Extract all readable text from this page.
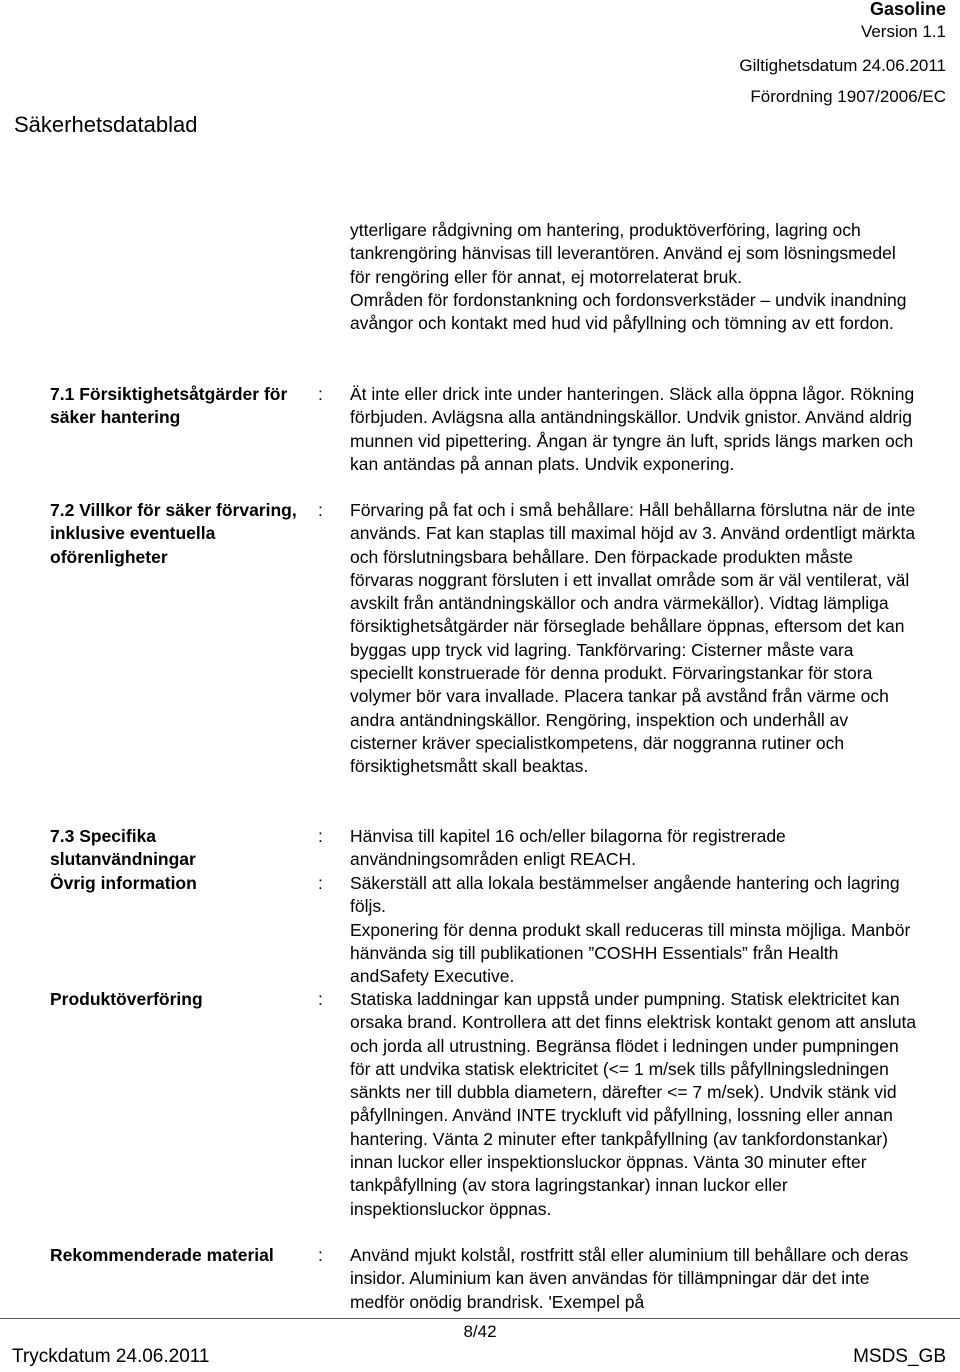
Säkerhetsdatablad
Gasoline
Version 1.1
Giltighetsdatum 24.06.2011
Förordning 1907/2006/EC

ytterligare rådgivning om hantering, produktöverföring, lagring och tankrengöring hänvisas till leverantören. Använd ej som lösningsmedel för rengöring eller för annat, ej motorrelaterat bruk.

Områden för fordonstankning och fordonsverkstäder – undvik inandning avångor och kontakt med hud vid påfyllning och tömning av ett fordon.

7.1 Försiktighetsåtgärder för säker hantering
: Ät inte eller drick inte under hanteringen. Släck alla öppna lågor. Rökning förbjuden. Avlägsna alla antändningskällor. Undvik gnistor. Använd aldrig munnen vid pipettering. Ångan är tyngre än luft, sprids längs marken och kan antändas på annan plats. Undvik exponering.

7.2 Villkor för säker förvaring, inklusive eventuella oförenligheter
: Förvaring på fat och i små behållare: Håll behållarna förslutna när de inte används. Fat kan staplas till maximal höjd av 3. Använd ordentligt märkta och förslutningsbara behållare. Den förpackade produkten måste förvaras noggrant försluten i ett invallat område som är väl ventilerat, väl avskilt från antändningskällor och andra värmekällor). Vidtag lämpliga försiktighetsåtgärder när förseglade behållare öppnas, eftersom det kan byggas upp tryck vid lagring. Tankförvaring: Cisterner måste vara speciellt konstruerade för denna produkt. Förvaringstankar för stora volymer bör vara invallade. Placera tankar på avstånd från värme och andra antändningskällor. Rengöring, inspektion och underhåll av cisterner kräver specialistkompetens, där noggranna rutiner och försiktighetsmått skall beaktas.

7.3 Specifika slutanvändningar
: Hänvisa till kapitel 16 och/eller bilagorna för registrerade användningsområden enligt REACH.

Övrig information	: Säkerställ att alla lokala bestämmelser angående hantering och lagring följs.

Exponering för denna produkt skall reduceras till minsta möjliga. Manbör hänvända sig till publikationen ”COSHH Essentials” från Health andSafety Executive.

Produktöverföring	: Statiska laddningar kan uppstå under pumpning. Statisk elektricitet kan orsaka brand. Kontrollera att det finns elektrisk kontakt genom att ansluta och jorda all utrustning. Begränsa flödet i ledningen under pumpningen för att undvika statisk elektricitet (<= 1 m/sek tills påfyllningsledningen sänkts ner till dubbla diametern, därefter <= 7 m/sek). Undvik stänk vid påfyllningen. Använd INTE tryckluft vid påfyllning, lossning eller annan hantering. Vänta 2 minuter efter tankpåfyllning (av tankfordonstankar) innan luckor eller inspektionsluckor öppnas. Vänta 30 minuter efter tankpåfyllning (av stora lagringstankar) innan luckor eller inspektionsluckor öppnas.

Rekommenderade material	: Använd mjukt kolstål, rostfritt stål eller aluminium till behållare och deras insidor. Aluminium kan även användas för tillämpningar där det inte medför onödig brandrisk. 'Exempel på

8/42
Tryckdatum 24.06.2011	MSDS_GB
